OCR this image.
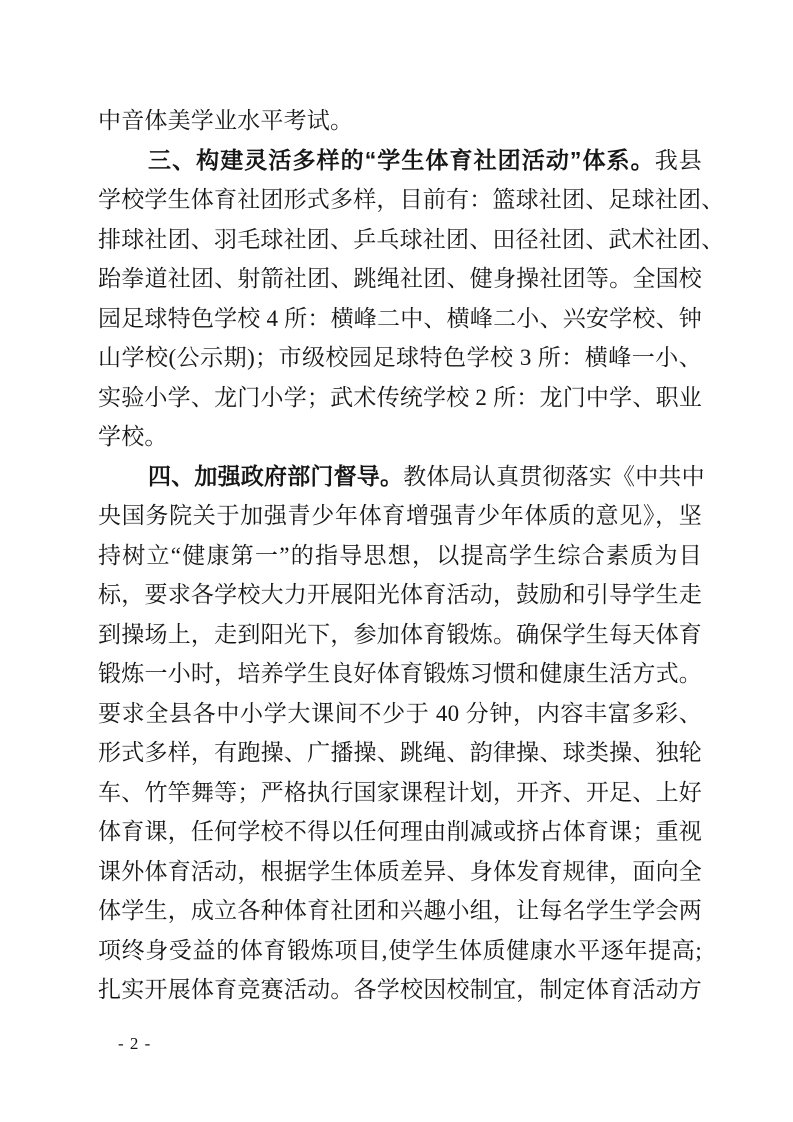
中音体美学业水平考试。
三、构建灵活多样的“学生体育社团活动”体系。我县
学校学生体育社团形式多样，目前有：篮球社团、足球社团、
排球社团、羽毛球社团、乒乓球社团、田径社团、武术社团、
跆拳道社团、射箭社团、跳绳社团、健身操社团等。全国校
园足球特色学校 4 所：横峰二中、横峰二小、兴安学校、钟
山学校(公示期)；市级校园足球特色学校 3 所：横峰一小、
实验小学、龙门小学；武术传统学校 2 所：龙门中学、职业
学校。
四、加强政府部门督导。教体局认真贯彻落实《中共中
央国务院关于加强青少年体育增强青少年体质的意见》，坚
持树立“健康第一”的指导思想，以提高学生综合素质为目
标，要求各学校大力开展阳光体育活动，鼓励和引导学生走
到操场上，走到阳光下，参加体育锻炼。确保学生每天体育
锻炼一小时，培养学生良好体育锻炼习惯和健康生活方式。
要求全县各中小学大课间不少于 40 分钟，内容丰富多彩、
形式多样，有跑操、广播操、跳绳、韵律操、球类操、独轮
车、竹竿舞等；严格执行国家课程计划，开齐、开足、上好
体育课，任何学校不得以任何理由削减或挤占体育课；重视
课外体育活动，根据学生体质差异、身体发育规律，面向全
体学生，成立各种体育社团和兴趣小组，让每名学生学会两
项终身受益的体育锻炼项目,使学生体质健康水平逐年提高;
扎实开展体育竞赛活动。各学校因校制宜，制定体育活动方
- 2 -
